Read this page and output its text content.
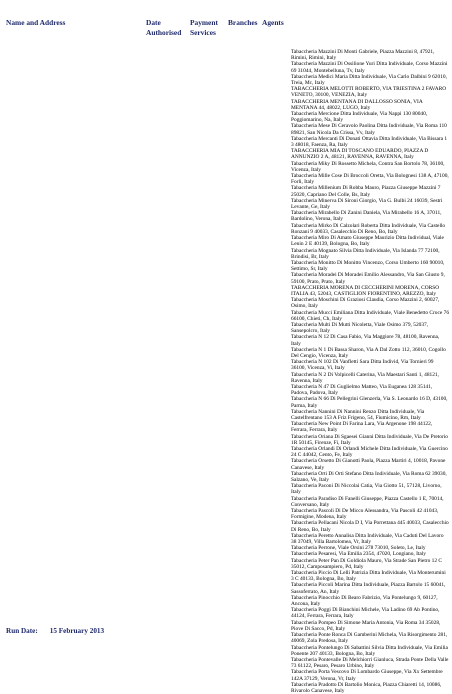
Name and Address	Date
Authorised
Payment
Services
Branches Agents
Tabaccheria Mazzini Di Monti Gabriele, Piazza Mazzini 8, 47921, Rimini, Rimini, Italy
Tabaccheria Mazzini Di Ossilione Yuri Ditta Individuale, Corso Mazzini 69 31044, Montebelluna, Tv, Italy
Tabaccheria Medici Maria Ditta Individuale, Via Carlo Dalbini 9 62010, Treia, Mc, Italy
TABACCHERIA MELOTTI ROBERTO, VIA TRIESTINA 2 FAVARO VENETO, 30100, VENEZIA, Italy
TABACCHERIA MENTANA DI DALLOSSO SONIA, VIA MENTANA 44, 48022, LUGO, Italy
Tabaccheria Mercione Ditta Individuale, Via Nappi 130 80040, Poggiomarino, Na, Italy
Tabaccheria Mese Di Ceravolo Paolina Ditta Individuale, Via Roma 110 89821, San Nicola Da Crissa, Vv, Italy
Tabaccheria Mercanti Di Donati Ottavia Ditta Individuale, Via Bissara 1 3 48018, Faenza, Ra, Italy
TABACCHERIA MIA DI TOSCANO EDUARDO, PIAZZA D ANNUNZIO 2 A, 48121, RAVENNA, RAVENNA, Italy
Tabaccheria Miky Di Rossetto Michela, Contra San Bortolo 78, 36100, Vicenza, Italy
Tabaccheria Mille Cose Di Broccoli Oretta, Via Bolognesi 138 A, 47100, Forli, Italy
Tabaccheria Millenium Di Robba Mauro, Piazza Giuseppe Mazzini 7 25020, Capriano Del Colle, Bs, Italy
Tabaccheria Minerva Di Sironi Giorgio, Via G. Bulbi 24 16039, Sestri Levante, Ge, Italy
Tabaccheria Mirabello Di Zanini Daniela, Via Mirabello 16 A, 37011, Bardolino, Verona, Italy
Tabaccheria Mirko Di Calzolari Roberta Ditta Individuale, Via Castello Ronzani 9 40033, Casalecchio Di Reno, Bo, Italy
Tabaccheria Miro Di Amato Giuseppe Maurizio Ditta Individual, Viale Lenin 2 E 40139, Bologna, Bo, Italy
Tabaccheria Mognato Silvia Ditta Individuale, Via Islanda 77 72100, Brindisi, Br, Italy
Tabaccheria Monitto Di Monitto Vincenzo, Corso Umberto 160 90010, Settimo, Sr, Italy
Tabaccheria Moradei Di Moradei Emilio Alessandro, Via San Giusto 9, 59100, Prato, Prato, Italy
TABACCHERIA MORENA DI CECCHERINI MORENA, CORSO ITALIA 43, 52043, CASTIGLION FIORENTINO, AREZZO, Italy
Tabaccheria Moschini Di Graziosi Claudia, Corso Mazzini 2, 60027, Osimo, Italy
Tabaccheria Mucci Emiliana Ditta Individuale, Viale Benedetto Croce 76 66100, Chieti, Ch, Italy
Tabaccheria Multi Di Mutti Nicoletta, Viale Osimo 379, 52037, Sansepolcro, Italy
Tabaccheria N 12 Di Casa Fabio, Via Maggiore 78, 48100, Ravenna, Italy
Tabaccheria N 1 Di Bassa Sharon, Via A Dal Zotto 112, 36010, Cogollo Del Cengio, Vicenza, Italy
Tabaccheria N 102 Di Vanfletti Sara Ditta Individ, Via Tornieri 99 36100, Vicenza, Vi, Italy
Tabaccheria N 2 Di Volpicelli Caterina, Via Maestari Santi 1, 48121, Ravenna, Italy
Tabaccheria N 47 Di Guglielmo Matteo, Via Euganea 128 35141, Padova, Padova, Italy
Tabaccheria N 66 Di Pellegrini Glenzerla, Via S. Leonardo 16 D, 43100, Parma, Italy
Tabaccheria Nannini Di Nannini Renzo Ditta Individuale, Via Castelfrentano 153 A Friz Frigeno, 54, Fiumicino, Rm, Italy
Tabaccheria New Point Di Farina Lara, Via Argenone 198 44122, Ferrara, Ferrara, Italy
Tabaccheria Oriana Di Sgaesei Gianni Ditta Individuale, Via De Pretorio 1R 50145, Firenze, Fi, Italy
Tabaccheria Orlandi Di Orlandi Michele Ditta Individuale, Via Guercino 24 C 44042, Cento, Fe, Italy
Tabaccheria Orsetto Di Gianotti Paola, Piazza Martiri 4, 10018, Pavone Canavese, Italy
Tabaccheria Orti Di Orti Stefano Ditta Individuale, Via Roma 62 39030, Salzano, Ve, Italy
Tabaccheria Paconi Di Niccolai Catia, Via Giotto 51, 57128, Livorno, Italy
Tabaccheria Paradiso Di Fanelli Giuseppe, Piazza Castello 1 E, 70014, Conversano, Italy
Tabaccheria Pascoli Di De Micco Alessandra, Via Pascoli 42 41043, Formigine, Modena, Italy
Tabaccheria Pellacani Nicola D I, Via Porrettana 445 40033, Casalecchio Di Reno, Bo, Italy
Tabaccheria Peretto Annalisa Ditta Individuale, Via Caduti Del Lavoro 38 37049, Villa Bartolomea, Vr, Italy
Tabaccheria Perrone, Viale Orsini 278 73010, Soleto, Le, Italy
Tabaccheria Pesaresi, Via Emilia 2354, 47020, Longiano, Italy
Tabaccheria Peter Pan Di Goldiola Mauro, Via Strade San Pietro 12 C 35012, Camposampiero, Pd, Italy
Tabaccheria Piccio Di Lelli Patrizia Ditta Individuale, Via Monterumini 3 C 40133, Bologna, Bo, Italy
Tabaccheria Piccoli Marina Ditta Individuale, Piazza Bartolo 15 60041, Sassoferrato, An, Italy
Tabaccheria Pinocchio Di Bearo Fabrizio, Via Pontelungo 9, 60127, Ancona, Italy
Tabaccheria Poggi Di Bianchini Michele, Via Ladino 69 Ab Pontino, 44124, Ferrara, Ferrara, Italy
Tabaccheria Pompeo Di Simone Maria Antonia, Via Roma 34 35028, Piove Di Sacco, Pd, Italy
Tabaccheria Ponte Ronca Di Gamberini Michela, Via Risorgimento 281, 40069, Zola Predosa, Italy
Tabaccheria Pontelungo Di Sabattini Silvia Ditta Individuale, Via Emilia Ponente 207 40133, Bologna, Bo, Italy
Tabaccheria Pontevalle Di Melchiorri Gianluca, Strada Ponte Della Valle 73 61122, Pesaro, Pesaro Urbino, Italy
Tabaccheria Porta Vescovo Di Lombardo Giuseppe, Via Xx Settembre 142A 37129, Verona, Vr, Italy
Tabaccheria Pradotto Di Bartolio Monica, Piazza Chiaretti 14, 10086, Rivarolo Canavese, Italy
Run Date: 15 February 2013
